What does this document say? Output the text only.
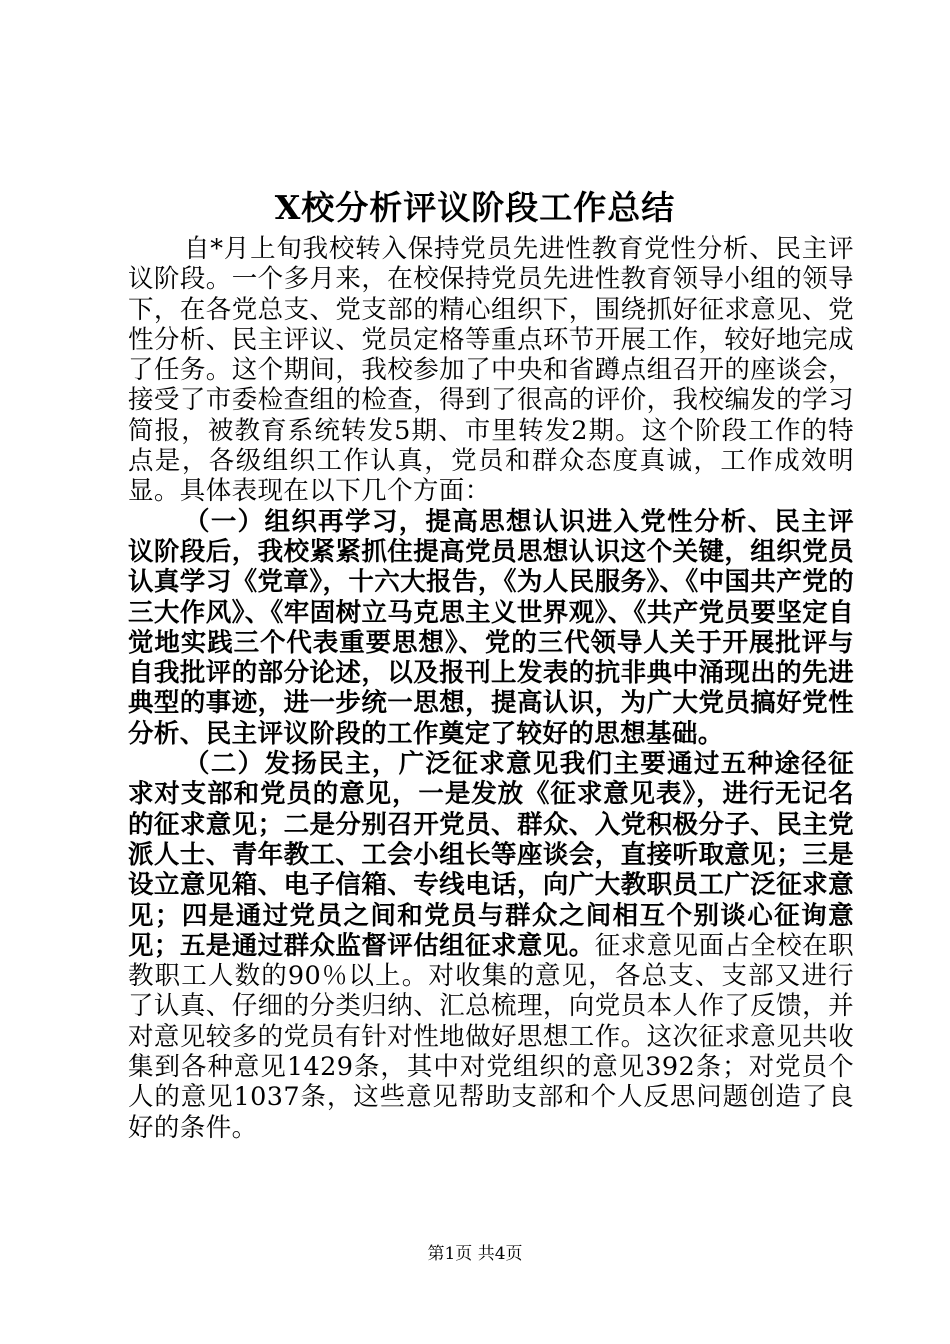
X校分析评议阶段工作总结

自*月上旬我校转入保持党员先进性教育党性分析、民主评议阶段。一个多月来，在校保持党员先进性教育领导小组的领导下，在各党总支、党支部的精心组织下，围绕抓好征求意见、党性分析、民主评议、党员定格等重点环节开展工作，较好地完成了任务。这个期间，我校参加了中央和省蹲点组召开的座谈会，接受了市委检查组的检查，得到了很高的评价，我校编发的学习简报，被教育系统转发5期、市里转发2期。这个阶段工作的特点是，各级组织工作认真，党员和群众态度真诚，工作成效明显。具体表现在以下几个方面：

（一）组织再学习，提高思想认识进入党性分析、民主评议阶段后，我校紧紧抓住提高党员思想认识这个关键，组织党员认真学习《党章》，十六大报告，《为人民服务》、《中国共产党的三大作风》、《牢固树立马克思主义世界观》、《共产党员要坚定自觉地实践三个代表重要思想》、党的三代领导人关于开展批评与自我批评的部分论述，以及报刊上发表的抗非典中涌现出的先进典型的事迹，进一步统一思想，提高认识，为广大党员搞好党性分析、民主评议阶段的工作奠定了较好的思想基础。

（二）发扬民主，广泛征求意见我们主要通过五种途径征求对支部和党员的意见，一是发放《征求意见表》，进行无记名的征求意见；二是分别召开党员、群众、入党积极分子、民主党派人士、青年教工、工会小组长等座谈会，直接听取意见；三是设立意见箱、电子信箱、专线电话，向广大教职员工广泛征求意见；四是通过党员之间和党员与群众之间相互个别谈心征询意见；五是通过群众监督评估组征求意见。征求意见面占全校在职教职工人数的90％以上。对收集的意见，各总支、支部又进行了认真、仔细的分类归纳、汇总梳理，向党员本人作了反馈，并对意见较多的党员有针对性地做好思想工作。这次征求意见共收集到各种意见1429条，其中对党组织的意见392条；对党员个人的意见1037条，这些意见帮助支部和个人反思问题创造了良好的条件。

第1页 共4页
